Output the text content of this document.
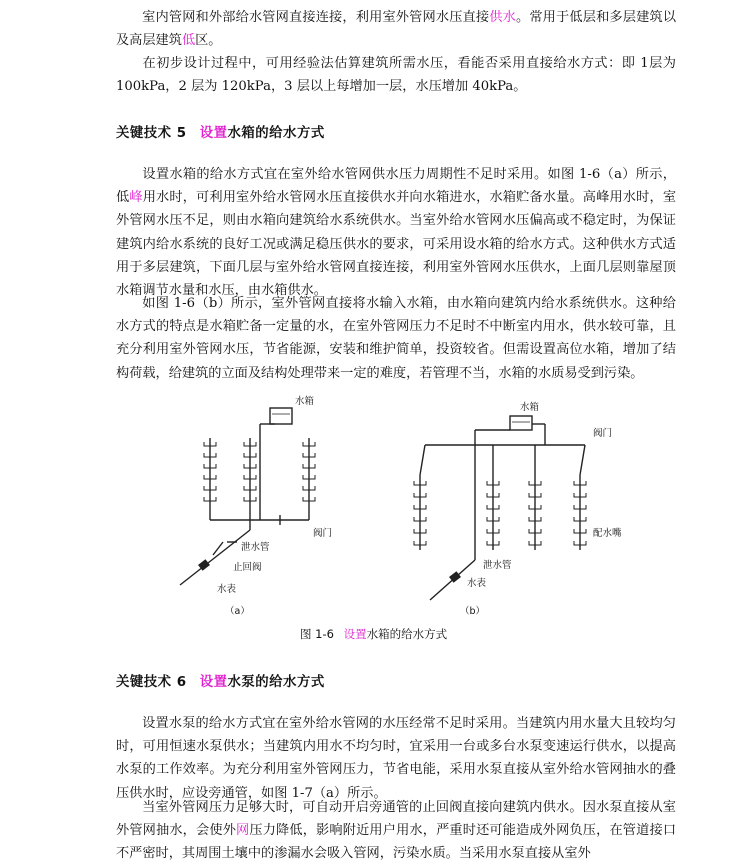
室内管网和外部给水管网直接连接，利用室外管网水压直接供水。常用于低层和多层建筑以及高层建筑低区。

在初步设计过程中，可用经验法估算建筑所需水压，看能否采用直接给水方式：即 1层为 100kPa，2 层为 120kPa，3 层以上每增加一层，水压增加 40kPa。

关键技术 5 设置水箱的给水方式

设置水箱的给水方式宜在室外给水管网供水压力周期性不足时采用。如图 1-6（a）所示，低峰用水时，可利用室外给水管网水压直接供水并向水箱进水，水箱贮备水量。高峰用水时，室外管网水压不足，则由水箱向建筑给水系统供水。当室外给水管网水压偏高或不稳定时，为保证建筑内给水系统的良好工况或满足稳压供水的要求，可采用设水箱的给水方式。这种供水方式适用于多层建筑，下面几层与室外给水管网直接连接，利用室外管网水压供水，上面几层则靠屋顶水箱调节水量和水压，由水箱供水。

如图 1-6（b）所示，室外管网直接将水输入水箱，由水箱向建筑内给水系统供水。这种给水方式的特点是水箱贮备一定量的水，在室外管网压力不足时不中断室内用水，供水较可靠，且充分利用室外管网水压，节省能源，安装和维护简单，投资较省。但需设置高位水箱，增加了结构荷载，给建筑的立面及结构处理带来一定的难度，若管理不当，水箱的水质易受到污染。

水箱
阀门
泄水管
止回阀
水表
（a）
水箱
阀门
配水嘴
泄水管
水表
（b）
图 1-6 设置水箱的给水方式
关键技术 6 设置水泵的给水方式

设置水泵的给水方式宜在室外给水管网的水压经常不足时采用。当建筑内用水量大且较均匀时，可用恒速水泵供水；当建筑内用水不均匀时，宜采用一台或多台水泵变速运行供水，以提高水泵的工作效率。为充分利用室外管网压力，节省电能，采用水泵直接从室外给水管网抽水的叠压供水时，应设旁通管，如图 1-7（a）所示。

当室外管网压力足够大时，可自动开启旁通管的止回阀直接向建筑内供水。因水泵直接从室外管网抽水，会使外网压力降低，影响附近用户用水，严重时还可能造成外网负压，在管道接口不严密时，其周围土壤中的渗漏水会吸入管网，污染水质。当采用水泵直接从室外
